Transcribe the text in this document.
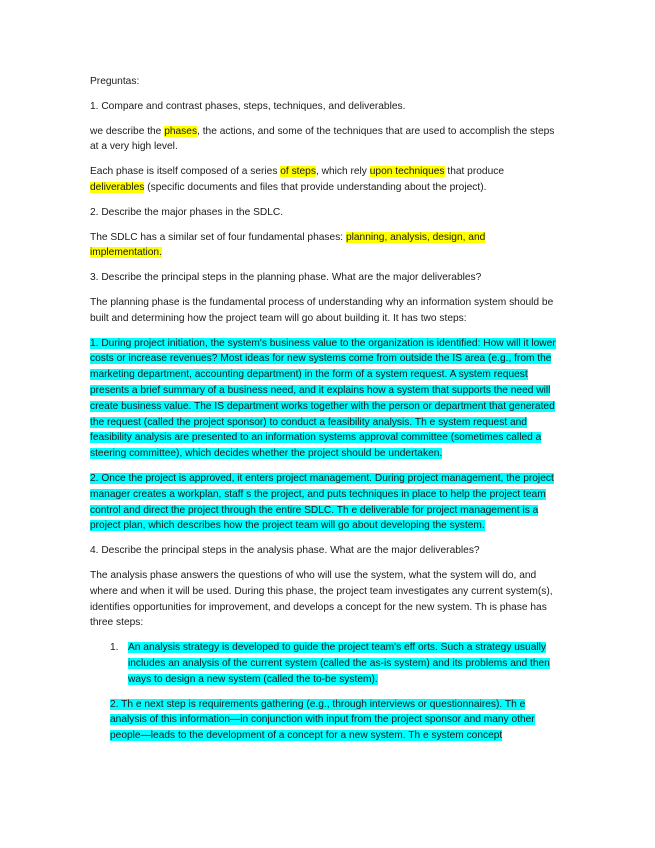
Preguntas:

1. Compare and contrast phases, steps, techniques, and deliverables.

we describe the phases, the actions, and some of the techniques that are used to accomplish the steps at a very high level.

Each phase is itself composed of a series of steps, which rely upon techniques that produce deliverables (specific documents and files that provide understanding about the project).

2. Describe the major phases in the SDLC.

The SDLC has a similar set of four fundamental phases: planning, analysis, design, and implementation.

3. Describe the principal steps in the planning phase. What are the major deliverables?

The planning phase is the fundamental process of understanding why an information system should be built and determining how the project team will go about building it. It has two steps:

1. During project initiation, the system's business value to the organization is identified: How will it lower costs or increase revenues? Most ideas for new systems come from outside the IS area (e.g., from the marketing department, accounting department) in the form of a system request. A system request presents a brief summary of a business need, and it explains how a system that supports the need will create business value. The IS department works together with the person or department that generated the request (called the project sponsor) to conduct a feasibility analysis. Th e system request and feasibility analysis are presented to an information systems approval committee (sometimes called a steering committee), which decides whether the project should be undertaken.

2. Once the project is approved, it enters project management. During project management, the project manager creates a workplan, staff s the project, and puts techniques in place to help the project team control and direct the project through the entire SDLC. Th e deliverable for project management is a project plan, which describes how the project team will go about developing the system.

4. Describe the principal steps in the analysis phase. What are the major deliverables?

The analysis phase answers the questions of who will use the system, what the system will do, and where and when it will be used. During this phase, the project team investigates any current system(s), identifies opportunities for improvement, and develops a concept for the new system. Th is phase has three steps:

1. An analysis strategy is developed to guide the project team's eff orts. Such a strategy usually includes an analysis of the current system (called the as-is system) and its problems and then ways to design a new system (called the to-be system).

2. Th e next step is requirements gathering (e.g., through interviews or questionnaires). Th e analysis of this information—in conjunction with input from the project sponsor and many other people—leads to the development of a concept for a new system. Th e system concept
